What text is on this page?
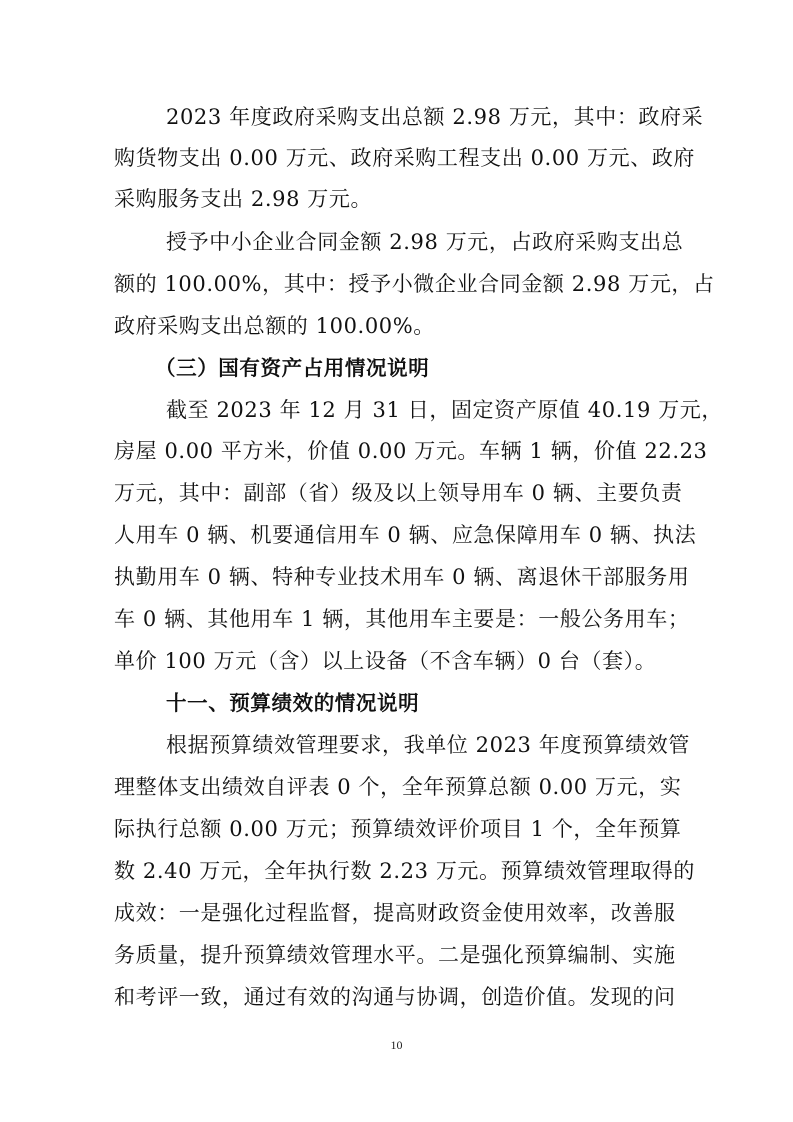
2023 年度政府采购支出总额 2.98 万元，其中：政府采
购货物支出 0.00 万元、政府采购工程支出 0.00 万元、政府
采购服务支出 2.98 万元。
授予中小企业合同金额 2.98 万元，占政府采购支出总
额的 100.00%，其中：授予小微企业合同金额 2.98 万元，占
政府采购支出总额的 100.00%。
（三）国有资产占用情况说明
截至 2023 年 12 月 31 日，固定资产原值 40.19 万元，
房屋 0.00 平方米，价值 0.00 万元。车辆 1 辆，价值 22.23
万元，其中：副部（省）级及以上领导用车 0 辆、主要负责
人用车 0 辆、机要通信用车 0 辆、应急保障用车 0 辆、执法
执勤用车 0 辆、特种专业技术用车 0 辆、离退休干部服务用
车 0 辆、其他用车 1 辆，其他用车主要是：一般公务用车；
单价 100 万元（含）以上设备（不含车辆）0 台（套）。
十一、预算绩效的情况说明
根据预算绩效管理要求，我单位 2023 年度预算绩效管
理整体支出绩效自评表 0 个，全年预算总额 0.00 万元，实
际执行总额 0.00 万元；预算绩效评价项目 1 个，全年预算
数 2.40 万元，全年执行数 2.23 万元。预算绩效管理取得的
成效：一是强化过程监督，提高财政资金使用效率，改善服
务质量，提升预算绩效管理水平。二是强化预算编制、实施
和考评一致，通过有效的沟通与协调，创造价值。发现的问
10
